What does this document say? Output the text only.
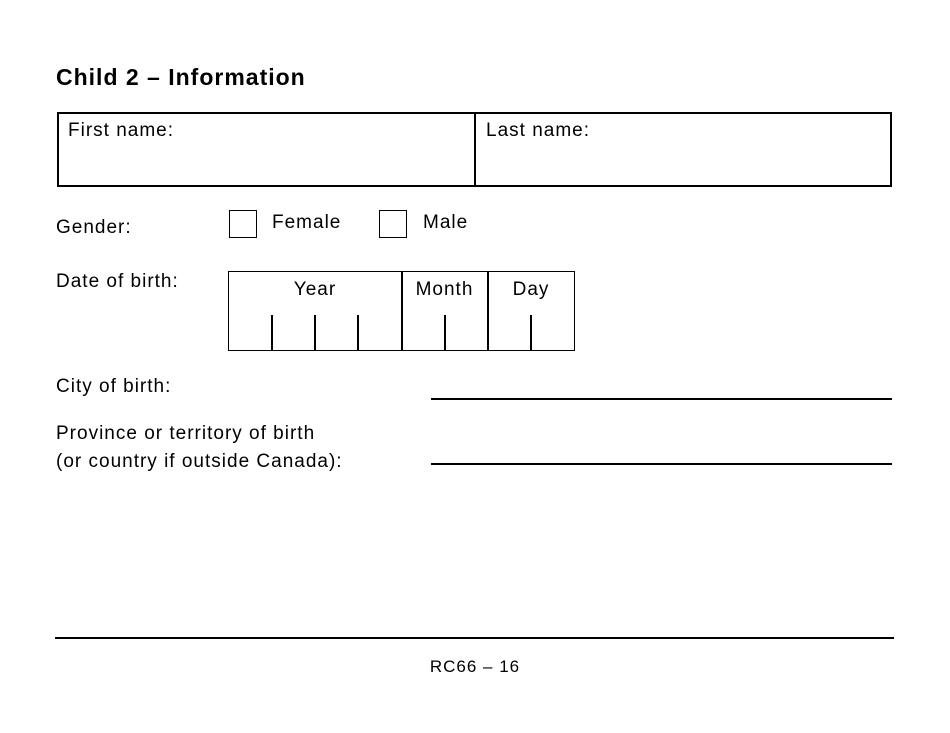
Child 2 – Information
First name:	Last name:
Gender:	Female	Male
Date of birth:	Year	Month	Day
City of birth:
Province or territory of birth
(or country if outside Canada):
RC66 – 16
